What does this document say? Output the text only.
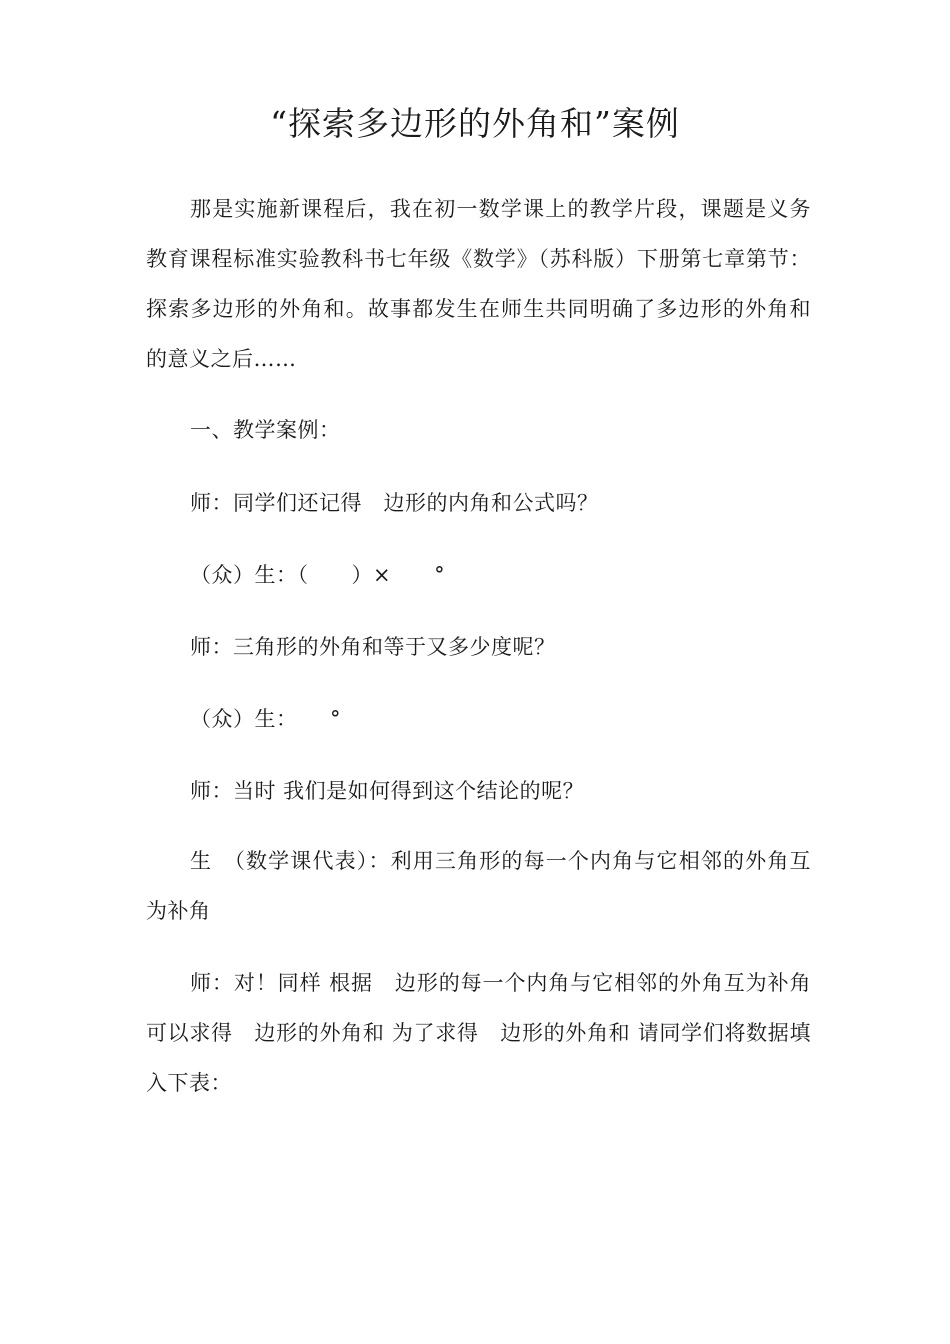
“探索多边形的外角和”案例
那是实施新课程后，我在初一数学课上的教学片段，课题是义务教育课程标准实验教科书七年级《数学》（苏科版）下册第七章第节：探索多边形的外角和。故事都发生在师生共同明确了多边形的外角和的意义之后……
一、教学案例：
师：同学们还记得　边形的内角和公式吗？
（众）生：（　　）×　　°
师：三角形的外角和等于又多少度呢？
（众）生：　　°
师：当时 我们是如何得到这个结论的呢？
生　（数学课代表）：利用三角形的每一个内角与它相邻的外角互为补角
师：对！同样 根据　边形的每一个内角与它相邻的外角互为补角 可以求得　边形的外角和 为了求得　边形的外角和 请同学们将数据填入下表：
